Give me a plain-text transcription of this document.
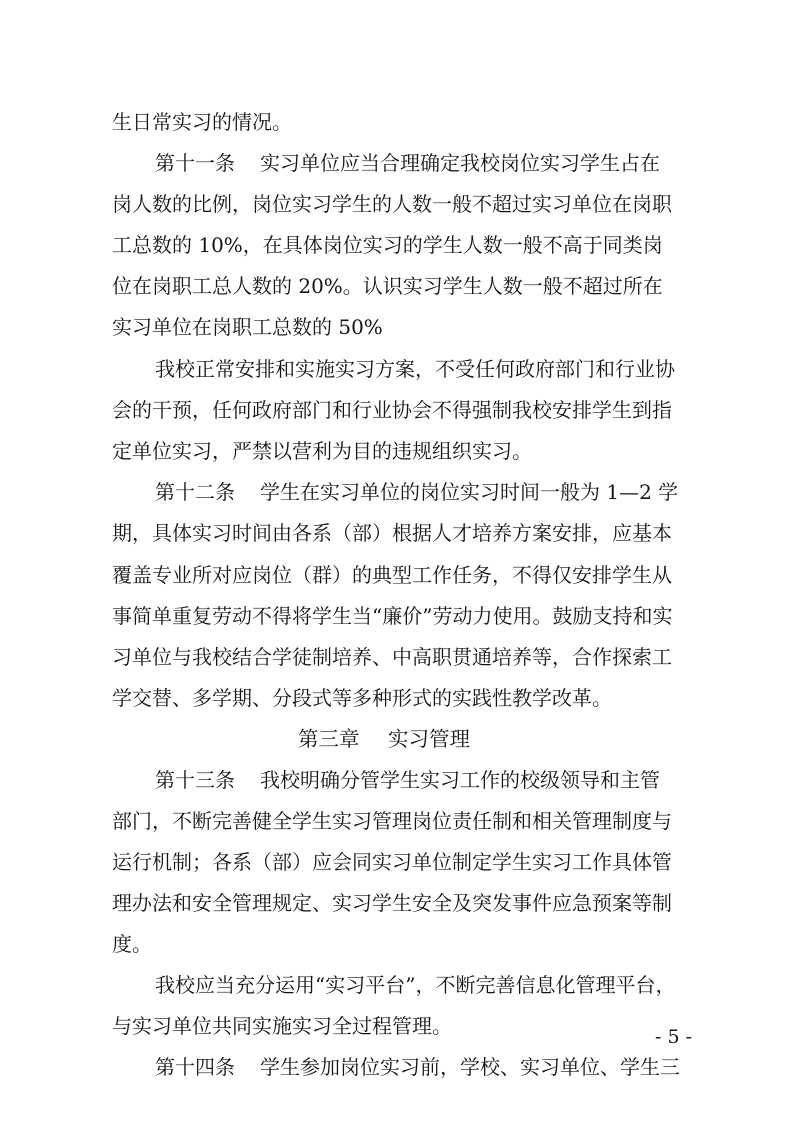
生日常实习的情况。

第十一条 实习单位应当合理确定我校岗位实习学生占在

岗人数的比例，岗位实习学生的人数一般不超过实习单位在岗职

工总数的 10%，在具体岗位实习的学生人数一般不高于同类岗

位在岗职工总人数的 20%。认识实习学生人数一般不超过所在

实习单位在岗职工总数的 50%

我校正常安排和实施实习方案，不受任何政府部门和行业协

会的干预，任何政府部门和行业协会不得强制我校安排学生到指

定单位实习，严禁以营利为目的违规组织实习。

第十二条 学生在实习单位的岗位实习时间一般为 1—2 学

期，具体实习时间由各系（部）根据人才培养方案安排，应基本

覆盖专业所对应岗位（群）的典型工作任务，不得仅安排学生从

事简单重复劳动不得将学生当“廉价”劳动力使用。鼓励支持和实

习单位与我校结合学徒制培养、中高职贯通培养等，合作探索工

学交替、多学期、分段式等多种形式的实践性教学改革。

第三章 实习管理

第十三条 我校明确分管学生实习工作的校级领导和主管

部门，不断完善健全学生实习管理岗位责任制和相关管理制度与

运行机制；各系（部）应会同实习单位制定学生实习工作具体管

理办法和安全管理规定、实习学生安全及突发事件应急预案等制

度。

我校应当充分运用“实习平台”，不断完善信息化管理平台，

与实习单位共同实施实习全过程管理。

第十四条 学生参加岗位实习前，学校、实习单位、学生三

- 5 -
